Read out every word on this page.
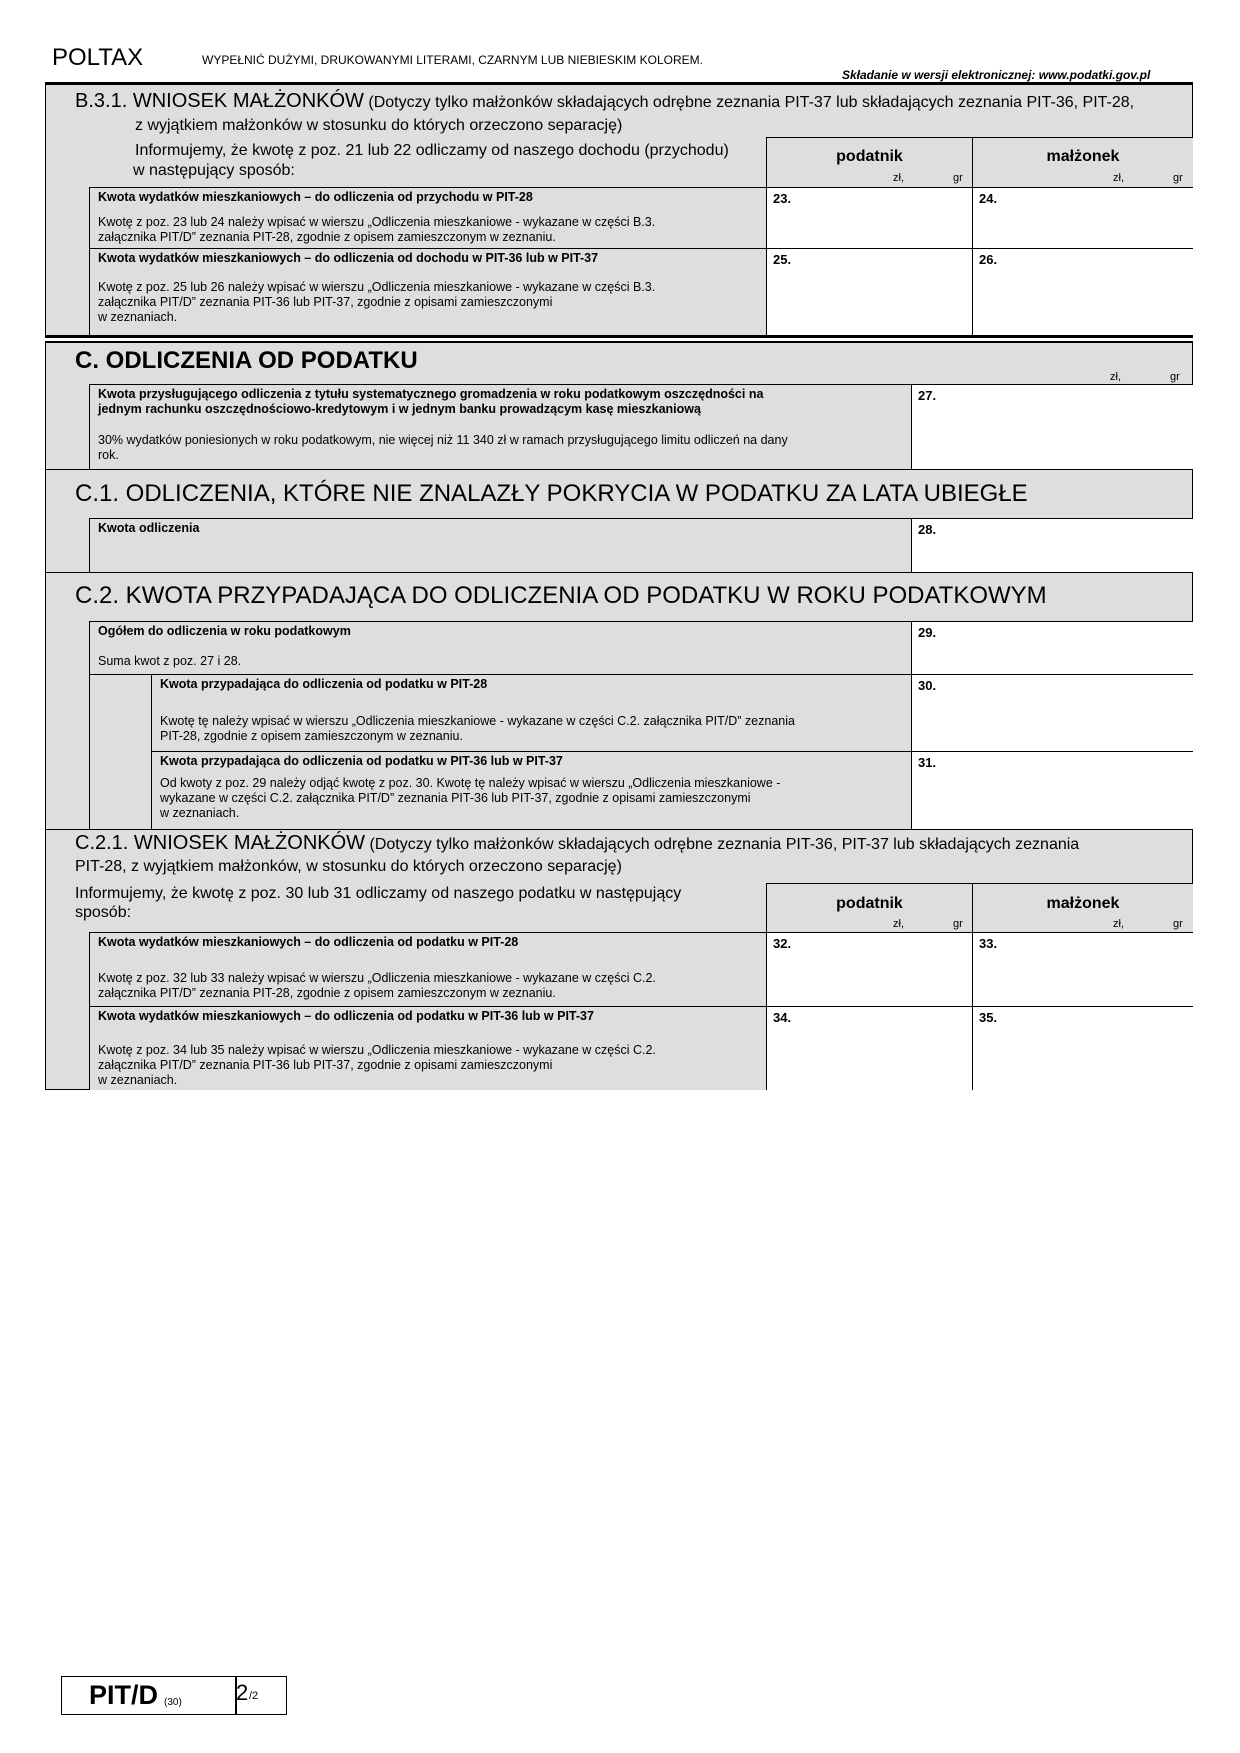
POLTAX	WYPEŁNIĆ DUŻYMI, DRUKOWANYMI LITERAMI, CZARNYM LUB NIEBIESKIM KOLOREM.
Składanie w wersji elektronicznej: www.podatki.gov.pl
B.3.1. WNIOSEK MAŁŻONKÓW (Dotyczy tylko małżonków składających odrębne zeznania PIT-37 lub składających zeznania PIT-36, PIT-28,
z wyjątkiem małżonków w stosunku do których orzeczono separację)
Informujemy, że kwotę z poz. 21 lub 22 odliczamy od naszego dochodu (przychodu)
w następujący sposób:
podatnik
zł,	gr
małżonek
zł,	gr
Kwota wydatków mieszkaniowych – do odliczenia od przychodu w PIT-28
Kwotę z poz. 23 lub 24 należy wpisać w wierszu „Odliczenia mieszkaniowe - wykazane w części B.3.
załącznika PIT/D” zeznania PIT-28, zgodnie z opisem zamieszczonym w zeznaniu.
23.	24.
Kwota wydatków mieszkaniowych – do odliczenia od dochodu w PIT-36 lub w PIT-37
Kwotę z poz. 25 lub 26 należy wpisać w wierszu „Odliczenia mieszkaniowe - wykazane w części B.3.
załącznika PIT/D” zeznania PIT-36 lub PIT-37, zgodnie z opisami zamieszczonymi
w zeznaniach.
25.	26.
C. ODLICZENIA OD PODATKU
zł,	gr
Kwota przysługującego odliczenia z tytułu systematycznego gromadzenia w roku podatkowym oszczędności na
jednym rachunku oszczędnościowo-kredytowym i w jednym banku prowadzącym kasę mieszkaniową
30% wydatków poniesionych w roku podatkowym, nie więcej niż 11 340 zł w ramach przysługującego limitu odliczeń na dany
rok.
27.
C.1. ODLICZENIA, KTÓRE NIE ZNALAZŁY POKRYCIA W PODATKU ZA LATA UBIEGŁE
Kwota odliczenia	28.
C.2. KWOTA PRZYPADAJĄCA DO ODLICZENIA OD PODATKU W ROKU PODATKOWYM
Ogółem do odliczenia w roku podatkowym
Suma kwot z poz. 27 i 28.
29.
Kwota przypadająca do odliczenia od podatku w PIT-28
Kwotę tę należy wpisać w wierszu „Odliczenia mieszkaniowe - wykazane w części C.2. załącznika PIT/D” zeznania
PIT-28, zgodnie z opisem zamieszczonym w zeznaniu.
30.
Kwota przypadająca do odliczenia od podatku w PIT-36 lub w PIT-37
Od kwoty z poz. 29 należy odjąć kwotę z poz. 30. Kwotę tę należy wpisać w wierszu „Odliczenia mieszkaniowe -
wykazane w części C.2. załącznika PIT/D” zeznania PIT-36 lub PIT-37, zgodnie z opisami zamieszczonymi
w zeznaniach.
31.
C.2.1. WNIOSEK MAŁŻONKÓW (Dotyczy tylko małżonków składających odrębne zeznania PIT-36, PIT-37 lub składających zeznania
PIT-28, z wyjątkiem małżonków, w stosunku do których orzeczono separację)
Informujemy, że kwotę z poz. 30 lub 31 odliczamy od naszego podatku w następujący
sposób:
podatnik
zł,	gr
małżonek
zł,	gr
Kwota wydatków mieszkaniowych – do odliczenia od podatku w PIT-28
Kwotę z poz. 32 lub 33 należy wpisać w wierszu „Odliczenia mieszkaniowe - wykazane w części C.2.
załącznika PIT/D” zeznania PIT-28, zgodnie z opisem zamieszczonym w zeznaniu.
32.	33.
Kwota wydatków mieszkaniowych – do odliczenia od podatku w PIT-36 lub w PIT-37
Kwotę z poz. 34 lub 35 należy wpisać w wierszu „Odliczenia mieszkaniowe - wykazane w części C.2.
załącznika PIT/D” zeznania PIT-36 lub PIT-37, zgodnie z opisami zamieszczonymi
w zeznaniach.
34.	35.
PIT/D (30) 2 /2
